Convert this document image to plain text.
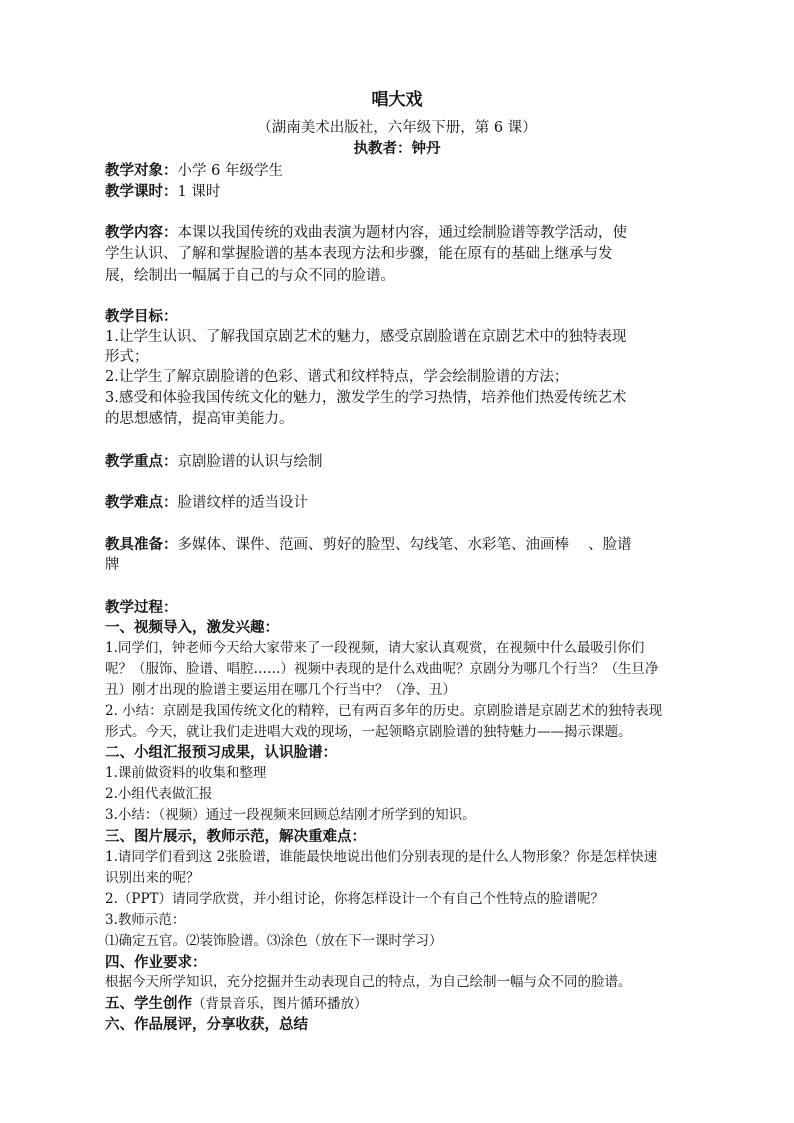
唱大戏
（湖南美术出版社，六年级下册，第 6 课）
执教者：钟丹
教学对象：小学 6 年级学生
教学课时：1 课时
教学内容：本课以我国传统的戏曲表演为题材内容，通过绘制脸谱等教学活动，使
学生认识、了解和掌握脸谱的基本表现方法和步骤，能在原有的基础上继承与发
展，绘制出一幅属于自己的与众不同的脸谱。
教学目标：
1.让学生认识、了解我国京剧艺术的魅力，感受京剧脸谱在京剧艺术中的独特表现
形式；
2.让学生了解京剧脸谱的色彩、谱式和纹样特点，学会绘制脸谱的方法；
3.感受和体验我国传统文化的魅力，激发学生的学习热情，培养他们热爱传统艺术
的思想感情，提高审美能力。
教学重点：京剧脸谱的认识与绘制
教学难点：脸谱纹样的适当设计
教具准备：多媒体、课件、范画、剪好的脸型、勾线笔、水彩笔、油画棒　 、脸谱
牌
教学过程：
一、视频导入，激发兴趣：
1.同学们，钟老师今天给大家带来了一段视频，请大家认真观赏，在视频中什么最吸引你们
呢？（服饰、脸谱、唱腔……）视频中表现的是什么戏曲呢？京剧分为哪几个行当？（生旦净
丑）刚才出现的脸谱主要运用在哪几个行当中？（净、丑）
2. 小结：京剧是我国传统文化的精粹，已有两百多年的历史。京剧脸谱是京剧艺术的独特表现
形式。今天，就让我们走进唱大戏的现场，一起领略京剧脸谱的独特魅力——揭示课题。
二、小组汇报预习成果，认识脸谱：
1.课前做资料的收集和整理
2.小组代表做汇报
3.小结：（视频）通过一段视频来回顾总结刚才所学到的知识。
三、图片展示，教师示范，解决重难点：
1.请同学们看到这 2张脸谱，谁能最快地说出他们分别表现的是什么人物形象？你是怎样快速
识别出来的呢？
2.（PPT）请同学欣赏，并小组讨论，你将怎样设计一个有自己个性特点的脸谱呢？
3.教师示范：
⑴确定五官。⑵装饰脸谱。⑶涂色（放在下一课时学习）
四、作业要求：
根据今天所学知识，充分挖掘并生动表现自己的特点，为自己绘制一幅与众不同的脸谱。
五、学生创作（背景音乐，图片循环播放）
六、作品展评，分享收获，总结
